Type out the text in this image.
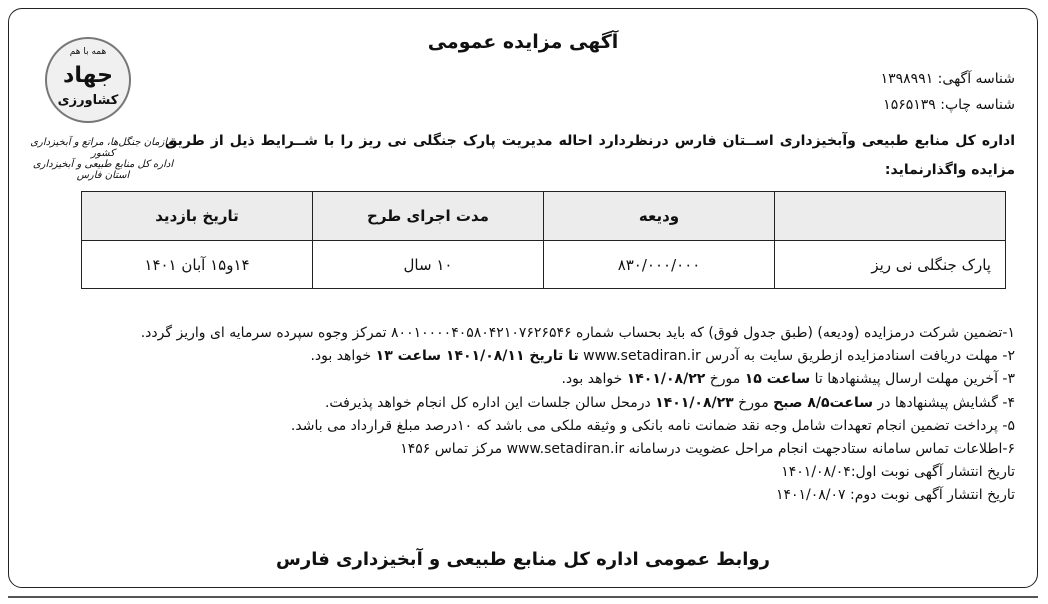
آگهی مزایده عمومی
شناسه آگهی: ۱۳۹۸۹۹۱
شناسه چاپ: ۱۵۶۵۱۳۹
همه با هم
جهاد
کشاورزی
سازمان جنگل‌ها، مراتع و آبخیزداری کشور
اداره کل منابع طبیعی و آبخیزداری استان فارس
اداره کل منابع طبیعی وآبخیزداری اســتان فارس درنظردارد احاله مدیریت پارک جنگلی نی ریز را با شــرایط ذیل از طریق مزایده واگذارنماید:
	ودیعه	مدت اجرای طرح	تاریخ بازدید
پارک جنگلی نی ریز	۸۳۰/۰۰۰/۰۰۰	۱۰ سال	۱۴و۱۵ آبان ۱۴۰۱
۱-تضمین شرکت درمزایده (ودیعه) (طبق جدول فوق) که باید بحساب شماره ۸۰۰۱۰۰۰۰۴۰۵۸۰۴۲۱۰۷۶۲۶۵۴۶ تمرکز وجوه سپرده سرمایه ای واریز گردد.
۲- مهلت دریافت اسنادمزایده ازطریق سایت به آدرس www.setadiran.ir تا تاریخ ۱۴۰۱/۰۸/۱۱ ساعت ۱۳ خواهد بود.
۳- آخرین مهلت ارسال پیشنهادها تا ساعت ۱۵ مورخ ۱۴۰۱/۰۸/۲۲ خواهد بود.
۴- گشایش پیشنهادها در ساعت۸/۵ صبح مورخ ۱۴۰۱/۰۸/۲۳ درمحل سالن جلسات این اداره کل انجام خواهد پذیرفت.
۵- پرداخت تضمین انجام تعهدات شامل وجه نقد ضمانت نامه بانکی و وثیقه ملکی می باشد که ۱۰درصد مبلغ قرارداد می باشد.
۶-اطلاعات تماس سامانه ستادجهت انجام مراحل عضویت درسامانه www.setadiran.ir مرکز تماس ۱۴۵۶
تاریخ انتشار آگهی نوبت اول:۱۴۰۱/۰۸/۰۴
تاریخ انتشار آگهی نوبت دوم: ۱۴۰۱/۰۸/۰۷
روابط عمومی اداره کل منابع طبیعی و آبخیزداری فارس
